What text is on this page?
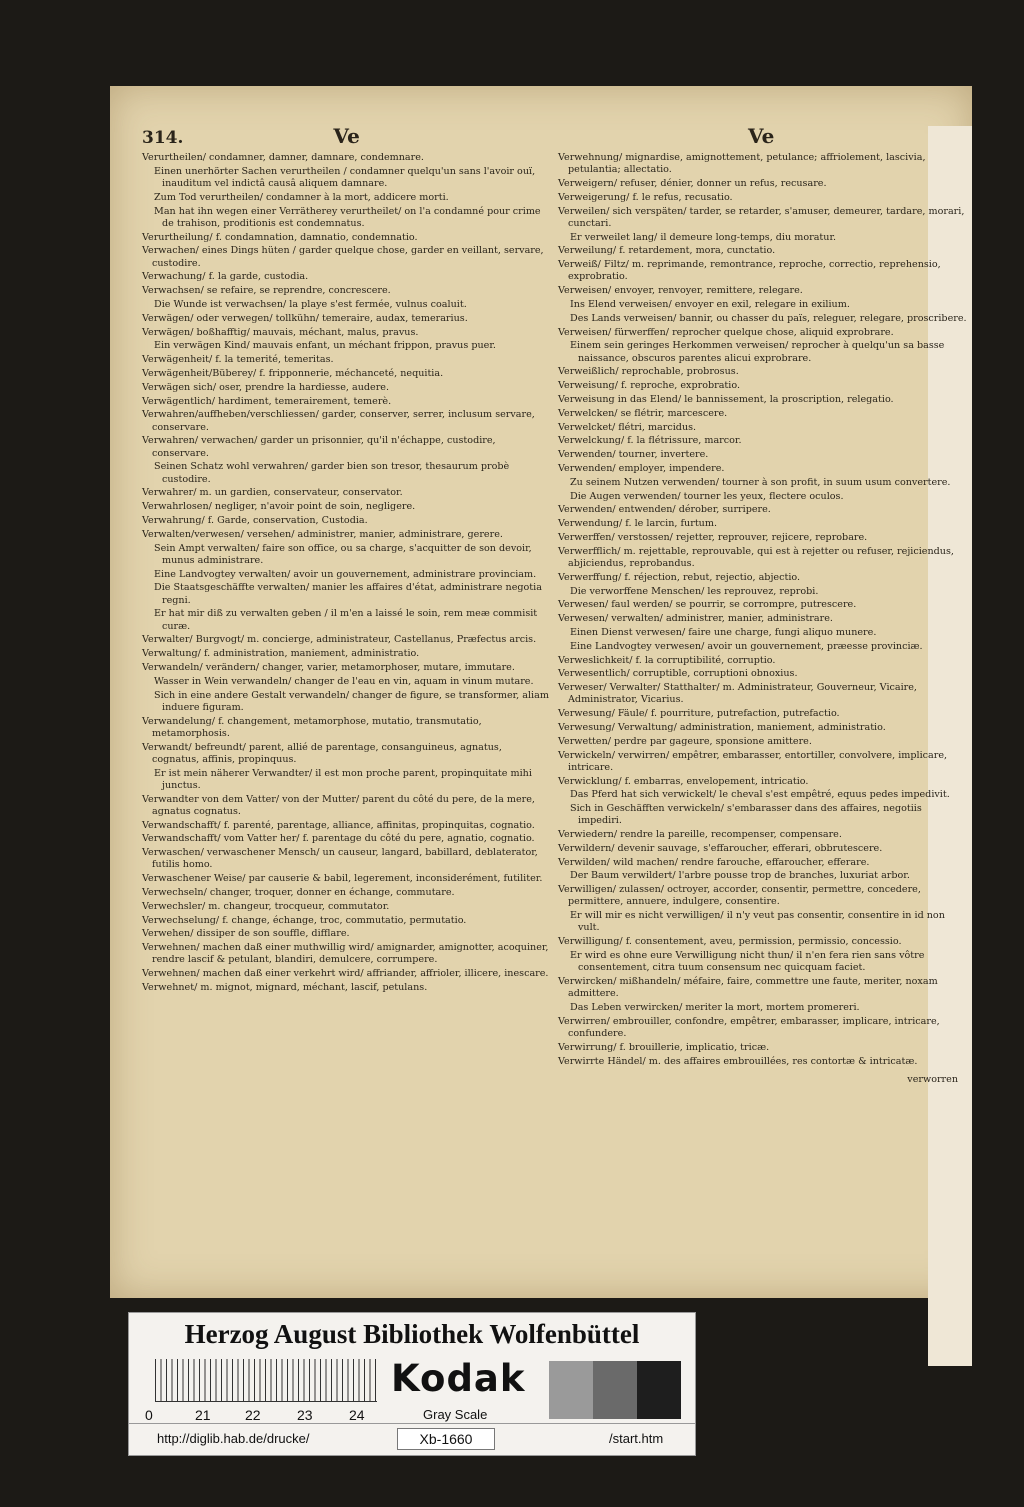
314.	Ve
Verurtheilen/ condamner, damner, damnare, condemnare.
Einen unerhörter Sachen verurtheilen / condamner quelqu'un sans l'avoir ouï, inauditum vel indictâ causâ aliquem damnare.
Zum Tod verurtheilen/ condamner à la mort, addicere morti.
Man hat ihn wegen einer Verrätherey verurtheilet/ on l'a condamné pour crime de trahison, proditionis est condemnatus.
Verurtheilung/ f. condamnation, damnatio, condemnatio.
Verwachen/ eines Dings hüten / garder quelque chose, garder en veillant, servare, custodire.
Verwachung/ f. la garde, custodia.
Verwachsen/ se refaire, se reprendre, concrescere.
Die Wunde ist verwachsen/ la playe s'est fermée, vulnus coaluit.
Verwägen/ oder verwegen/ tollkühn/ temeraire, audax, temerarius.
Verwägen/ boßhafftig/ mauvais, méchant, malus, pravus.
Ein verwägen Kind/ mauvais enfant, un méchant frippon, pravus puer.
Verwägenheit/ f. la temerité, temeritas.
Verwägenheit/Büberey/ f. fripponnerie, méchanceté, nequitia.
Verwägen sich/ oser, prendre la hardiesse, audere.
Verwägentlich/ hardiment, temerairement, temerè.
Verwahren/auffheben/verschliessen/ garder, conserver, serrer, inclusum servare, conservare.
Verwahren/ verwachen/ garder un prisonnier, qu'il n'échappe, custodire, conservare.
Seinen Schatz wohl verwahren/ garder bien son tresor, thesaurum probè custodire.
Verwahrer/ m. un gardien, conservateur, conservator.
Verwahrlosen/ negliger, n'avoir point de soin, negligere.
Verwahrung/ f. Garde, conservation, Custodia.
Verwalten/verwesen/ versehen/ administrer, manier, administrare, gerere.
Sein Ampt verwalten/ faire son office, ou sa charge, s'acquitter de son devoir, munus administrare.
Eine Landvogtey verwalten/ avoir un gouvernement, administrare provinciam.
Die Staatsgeschäffte verwalten/ manier les affaires d'état, administrare negotia regni.
Er hat mir diß zu verwalten geben / il m'en a laissé le soin, rem meæ commisit curæ.
Verwalter/ Burgvogt/ m. concierge, administrateur, Castellanus, Præfectus arcis.
Verwaltung/ f. administration, maniement, administratio.
Verwandeln/ verändern/ changer, varier, metamorphoser, mutare, immutare.
Wasser in Wein verwandeln/ changer de l'eau en vin, aquam in vinum mutare.
Sich in eine andere Gestalt verwandeln/ changer de figure, se transformer, aliam induere figuram.
Verwandelung/ f. changement, metamorphose, mutatio, transmutatio, metamorphosis.
Verwandt/ befreundt/ parent, allié de parentage, consanguineus, agnatus, cognatus, affinis, propinquus.
Er ist mein näherer Verwandter/ il est mon proche parent, propinquitate mihi junctus.
Verwandter von dem Vatter/ von der Mutter/ parent du côté du pere, de la mere, agnatus cognatus.
Verwandschafft/ f. parenté, parentage, alliance, affinitas, propinquitas, cognatio.
Verwandschafft/ vom Vatter her/ f. parentage du côté du pere, agnatio, cognatio.
Verwaschen/ verwaschener Mensch/ un causeur, langard, babillard, deblaterator, futilis homo.
Verwaschener Weise/ par causerie & babil, legerement, inconsiderément, futiliter.
Verwechseln/ changer, troquer, donner en échange, commutare.
Verwechsler/ m. changeur, trocqueur, commutator.
Verwechselung/ f. change, échange, troc, commutatio, permutatio.
Verwehen/ dissiper de son souffle, difflare.
Verwehnen/ machen daß einer muthwillig wird/ amignarder, amignotter, acoquiner, rendre lascif & petulant, blandiri, demulcere, corrumpere.
Verwehnen/ machen daß einer verkehrt wird/ affriander, affrioler, illicere, inescare.
Verwehnet/ m. mignot, mignard, méchant, lascif, petulans.
Ve
Verwehnung/ mignardise, amignottement, petulance; affriolement, lascivia, petulantia; allectatio.
Verweigern/ refuser, dénier, donner un refus, recusare.
Verweigerung/ f. le refus, recusatio.
Verweilen/ sich verspäten/ tarder, se retarder, s'amuser, demeurer, tardare, morari, cunctari.
Er verweilet lang/ il demeure long-temps, diu moratur.
Verweilung/ f. retardement, mora, cunctatio.
Verweiß/ Filtz/ m. reprimande, remontrance, reproche, correctio, reprehensio, exprobratio.
Verweisen/ envoyer, renvoyer, remittere, relegare.
Ins Elend verweisen/ envoyer en exil, relegare in exilium.
Des Lands verweisen/ bannir, ou chasser du païs, releguer, relegare, proscribere.
Verweisen/ fürwerffen/ reprocher quelque chose, aliquid exprobrare.
Einem sein geringes Herkommen verweisen/ reprocher à quelqu'un sa basse naissance, obscuros parentes alicui exprobrare.
Verweißlich/ reprochable, probrosus.
Verweisung/ f. reproche, exprobratio.
Verweisung in das Elend/ le bannissement, la proscription, relegatio.
Verwelcken/ se flétrir, marcescere.
Verwelcket/ flétri, marcidus.
Verwelckung/ f. la flétrissure, marcor.
Verwenden/ tourner, invertere.
Verwenden/ employer, impendere.
Zu seinem Nutzen verwenden/ tourner à son profit, in suum usum convertere.
Die Augen verwenden/ tourner les yeux, flectere oculos.
Verwenden/ entwenden/ dérober, surripere.
Verwendung/ f. le larcin, furtum.
Verwerffen/ verstossen/ rejetter, reprouver, rejicere, reprobare.
Verwerfflich/ m. rejettable, reprouvable, qui est à rejetter ou refuser, rejiciendus, abjiciendus, reprobandus.
Verwerffung/ f. réjection, rebut, rejectio, abjectio.
Die verworffene Menschen/ les reprouvez, reprobi.
Verwesen/ faul werden/ se pourrir, se corrompre, putrescere.
Verwesen/ verwalten/ administrer, manier, administrare.
Einen Dienst verwesen/ faire une charge, fungi aliquo munere.
Eine Landvogtey verwesen/ avoir un gouvernement, præesse provinciæ.
Verweslichkeit/ f. la corruptibilité, corruptio.
Verwesentlich/ corruptible, corruptioni obnoxius.
Verweser/ Verwalter/ Statthalter/ m. Administrateur, Gouverneur, Vicaire, Administrator, Vicarius.
Verwesung/ Fäule/ f. pourriture, putrefaction, putrefactio.
Verwesung/ Verwaltung/ administration, maniement, administratio.
Verwetten/ perdre par gageure, sponsione amittere.
Verwickeln/ verwirren/ empêtrer, embarasser, entortiller, convolvere, implicare, intricare.
Verwicklung/ f. embarras, envelopement, intricatio.
Das Pferd hat sich verwickelt/ le cheval s'est empêtré, equus pedes impedivit.
Sich in Geschäfften verwickeln/ s'embarasser dans des affaires, negotiis impediri.
Verwiedern/ rendre la pareille, recompenser, compensare.
Verwildern/ devenir sauvage, s'effaroucher, efferari, obbrutescere.
Verwilden/ wild machen/ rendre farouche, effaroucher, efferare.
Der Baum verwildert/ l'arbre pousse trop de branches, luxuriat arbor.
Verwilligen/ zulassen/ octroyer, accorder, consentir, permettre, concedere, permittere, annuere, indulgere, consentire.
Er will mir es nicht verwilligen/ il n'y veut pas consentir, consentire in id non vult.
Verwilligung/ f. consentement, aveu, permission, permissio, concessio.
Er wird es ohne eure Verwilligung nicht thun/ il n'en fera rien sans vôtre consentement, citra tuum consensum nec quicquam faciet.
Verwircken/ mißhandeln/ méfaire, faire, commettre une faute, meriter, noxam admittere.
Das Leben verwircken/ meriter la mort, mortem promereri.
Verwirren/ embrouiller, confondre, empêtrer, embarasser, implicare, intricare, confundere.
Verwirrung/ f. brouillerie, implicatio, tricæ.
Verwirrte Händel/ m. des affaires embrouillées, res contortæ & intricatæ.
verworren
Herzog August Bibliothek Wolfenbüttel
0	21 22	23	24
Kodak
Gray Scale
http://diglib.hab.de/drucke/	Xb-1660	/start.htm
